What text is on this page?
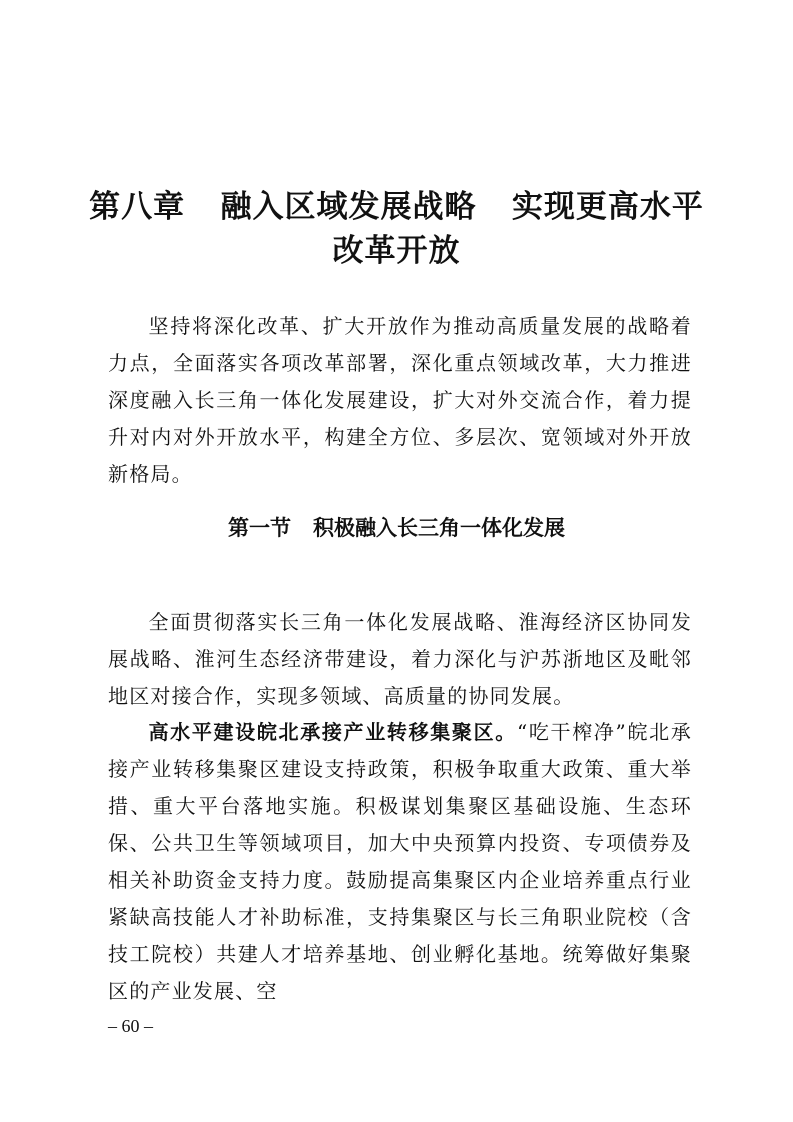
第八章   融入区域发展战略   实现更高水平
改革开放

坚持将深化改革、扩大开放作为推动高质量发展的战略着力点，全面落实各项改革部署，深化重点领域改革，大力推进深度融入长三角一体化发展建设，扩大对外交流合作，着力提升对内对外开放水平，构建全方位、多层次、宽领域对外开放新格局。

第一节   积极融入长三角一体化发展

全面贯彻落实长三角一体化发展战略、淮海经济区协同发展战略、淮河生态经济带建设，着力深化与沪苏浙地区及毗邻地区对接合作，实现多领域、高质量的协同发展。

高水平建设皖北承接产业转移集聚区。“吃干榨净”皖北承接产业转移集聚区建设支持政策，积极争取重大政策、重大举措、重大平台落地实施。积极谋划集聚区基础设施、生态环保、公共卫生等领域项目，加大中央预算内投资、专项债券及相关补助资金支持力度。鼓励提高集聚区内企业培养重点行业紧缺高技能人才补助标准，支持集聚区与长三角职业院校（含技工院校）共建人才培养基地、创业孵化基地。统筹做好集聚区的产业发展、空

– 60 –
